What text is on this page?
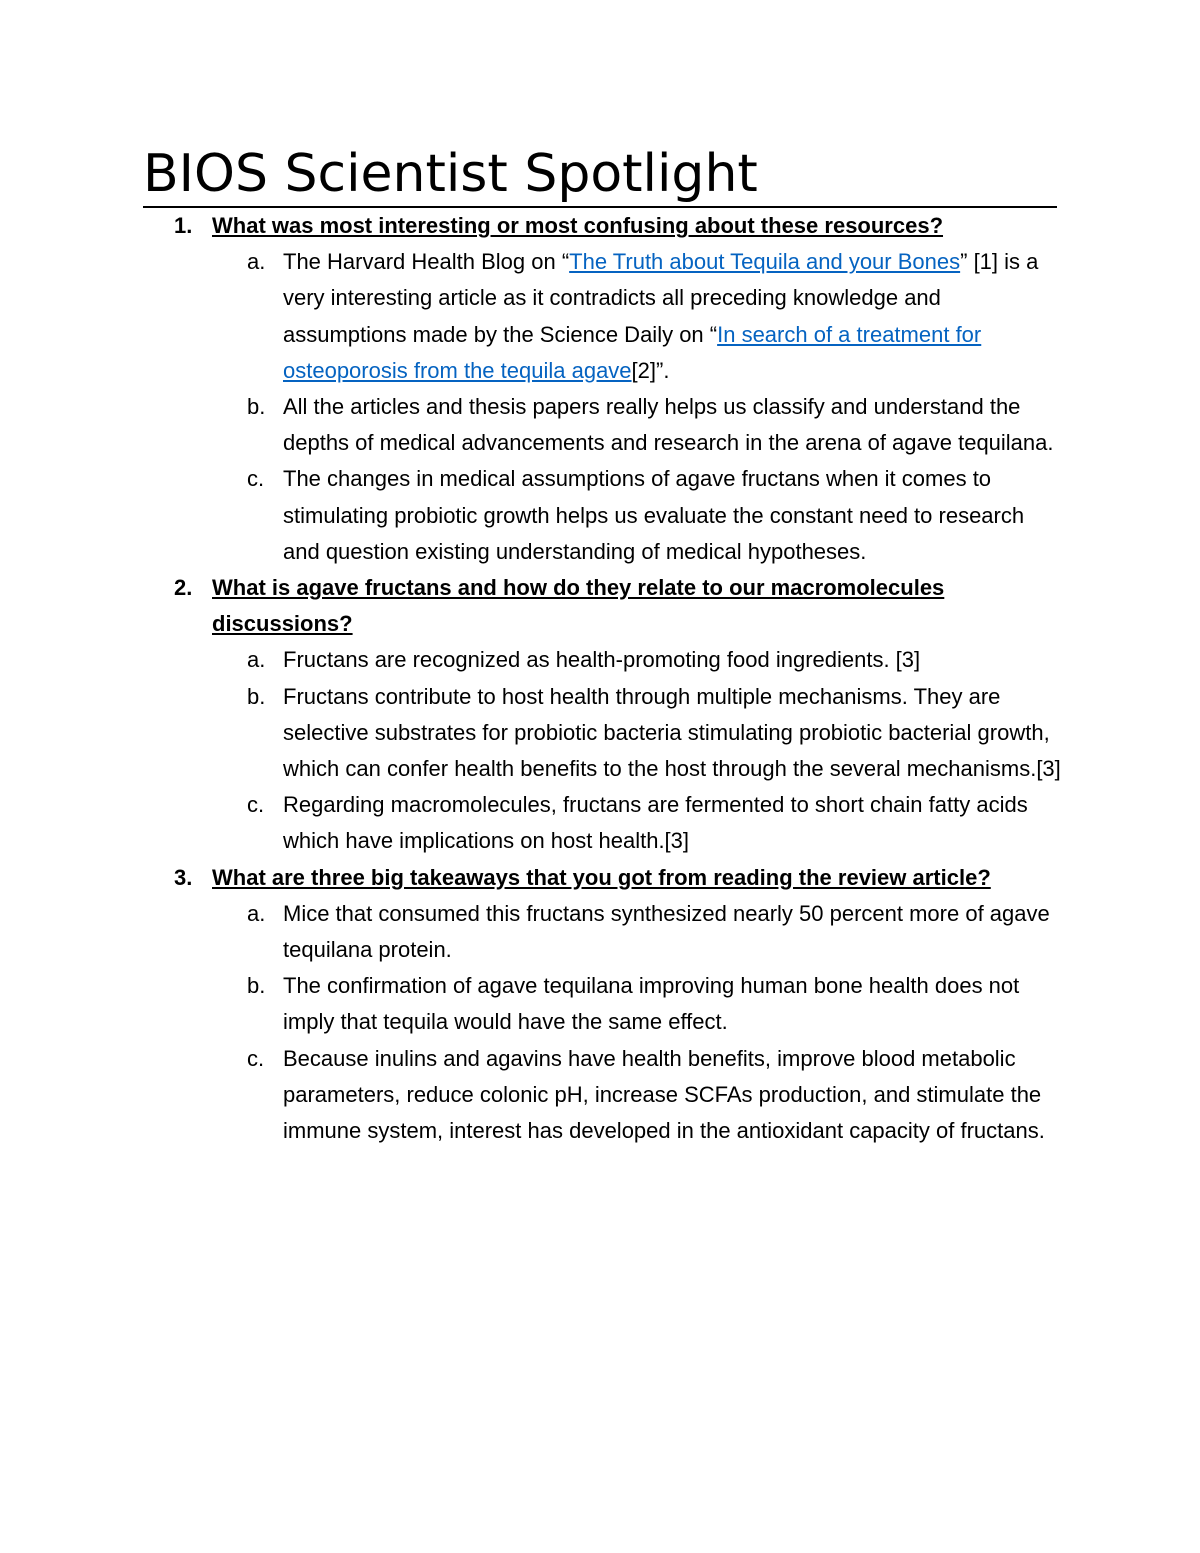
BIOS Scientist Spotlight
1. What was most interesting or most confusing about these resources?
a. The Harvard Health Blog on “The Truth about Tequila and your Bones” [1] is a very interesting article as it contradicts all preceding knowledge and assumptions made by the Science Daily on “In search of a treatment for osteoporosis from the tequila agave[2]”.
b. All the articles and thesis papers really helps us classify and understand the depths of medical advancements and research in the arena of agave tequilana.
c. The changes in medical assumptions of agave fructans when it comes to stimulating probiotic growth helps us evaluate the constant need to research and question existing understanding of medical hypotheses.
2. What is agave fructans and how do they relate to our macromolecules discussions?
a. Fructans are recognized as health-promoting food ingredients. [3]
b. Fructans contribute to host health through multiple mechanisms. They are selective substrates for probiotic bacteria stimulating probiotic bacterial growth, which can confer health benefits to the host through the several mechanisms.[3]
c. Regarding macromolecules, fructans are fermented to short chain fatty acids which have implications on host health.[3]
3. What are three big takeaways that you got from reading the review article?
a. Mice that consumed this fructans synthesized nearly 50 percent more of agave tequilana protein.
b. The confirmation of agave tequilana improving human bone health does not imply that tequila would have the same effect.
c. Because inulins and agavins have health benefits, improve blood metabolic parameters, reduce colonic pH, increase SCFAs production, and stimulate the immune system, interest has developed in the antioxidant capacity of fructans.
